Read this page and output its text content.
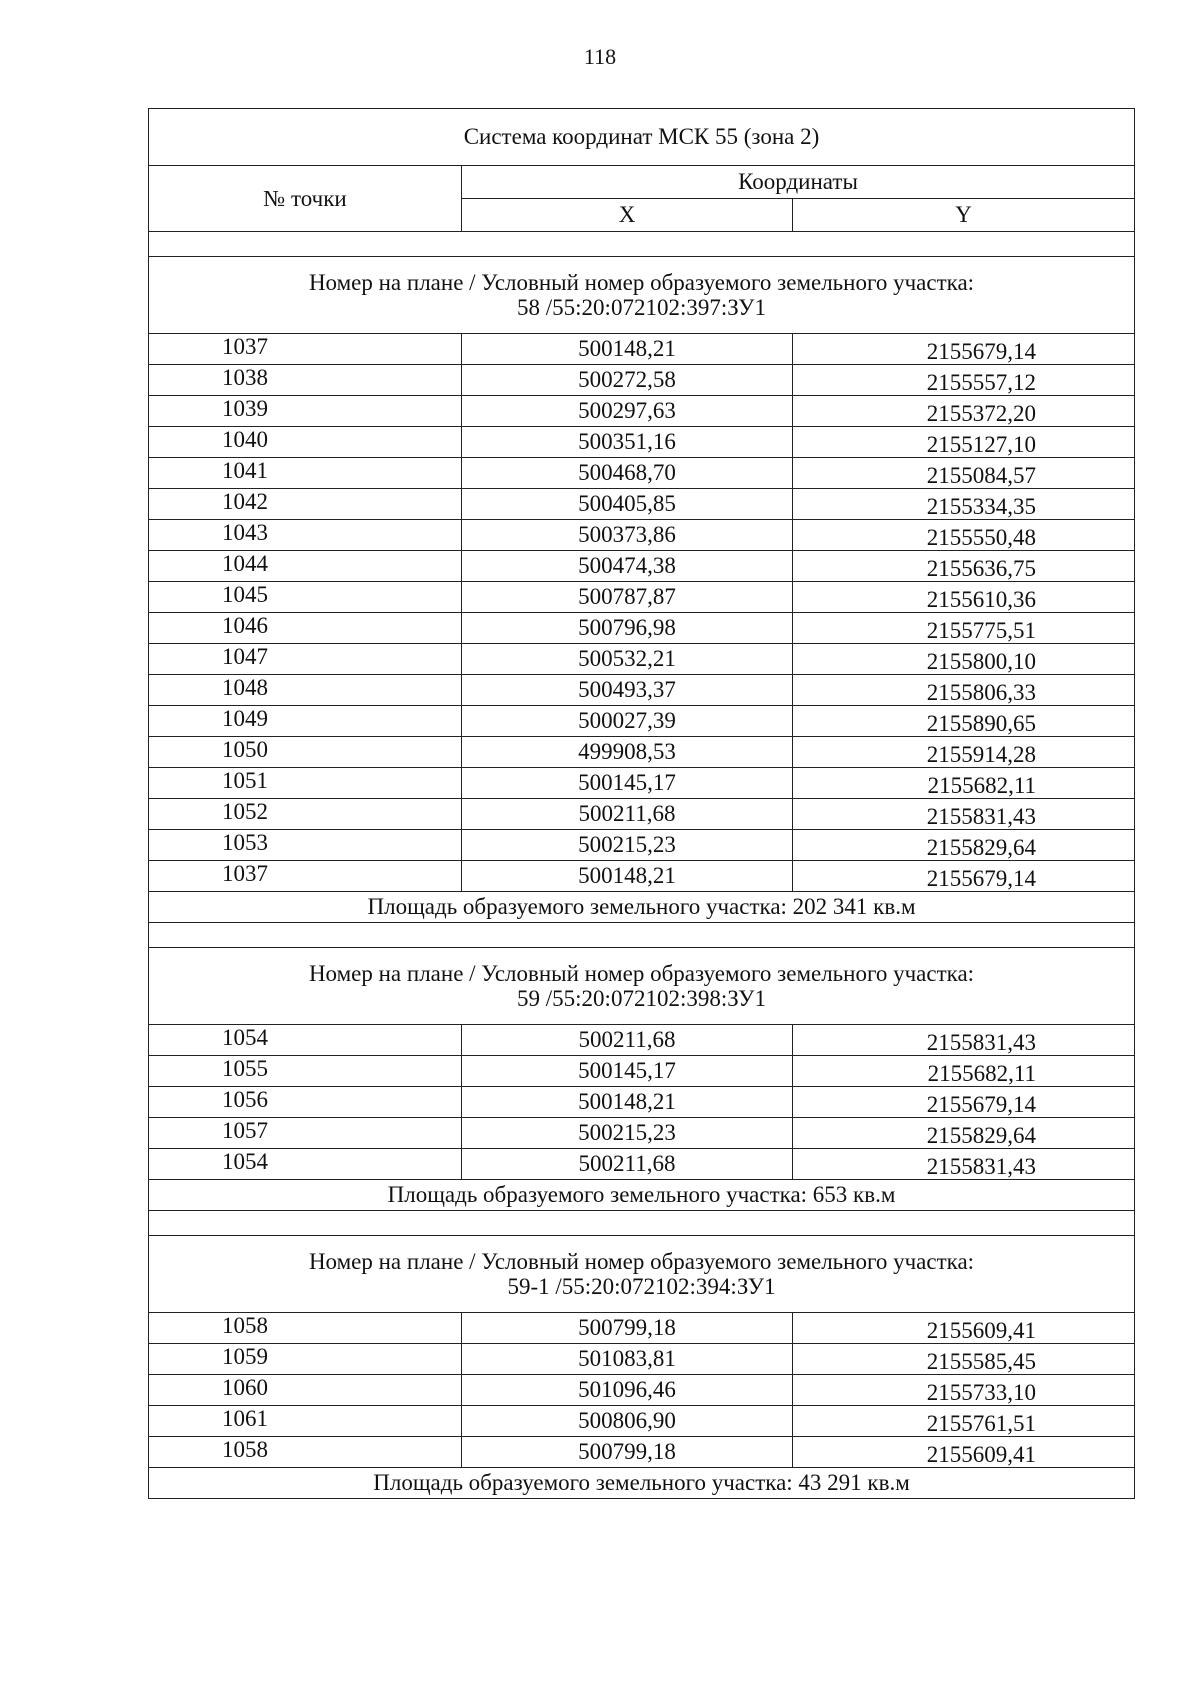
118
Система координат МСК 55 (зона 2)		
№ точки	Координаты	
	X	Y

Номер на плане / Условный номер образуемого земельного участка:
58 /55:20:072102:397:ЗУ1		

1037	500148,21	2155679,14
1038	500272,58	2155557,12
1039	500297,63	2155372,20
1040	500351,16	2155127,10
1041	500468,70	2155084,57
1042	500405,85	2155334,35
1043	500373,86	2155550,48
1044	500474,38	2155636,75
1045	500787,87	2155610,36
1046	500796,98	2155775,51
1047	500532,21	2155800,10
1048	500493,37	2155806,33
1049	500027,39	2155890,65
1050	499908,53	2155914,28
1051	500145,17	2155682,11
1052	500211,68	2155831,43
1053	500215,23	2155829,64
1037	500148,21	2155679,14
Площадь образуемого земельного участка: 202 341 кв.м		

Номер на плане / Условный номер образуемого земельного участка:
59 /55:20:072102:398:ЗУ1		

1054	500211,68	2155831,43
1055	500145,17	2155682,11
1056	500148,21	2155679,14
1057	500215,23	2155829,64
1054	500211,68	2155831,43
Площадь образуемого земельного участка: 653 кв.м		

Номер на плане / Условный номер образуемого земельного участка:
59-1 /55:20:072102:394:ЗУ1		

1058	500799,18	2155609,41
1059	501083,81	2155585,45
1060	501096,46	2155733,10
1061	500806,90	2155761,51
1058	500799,18	2155609,41
Площадь образуемого земельного участка: 43 291 кв.м		
